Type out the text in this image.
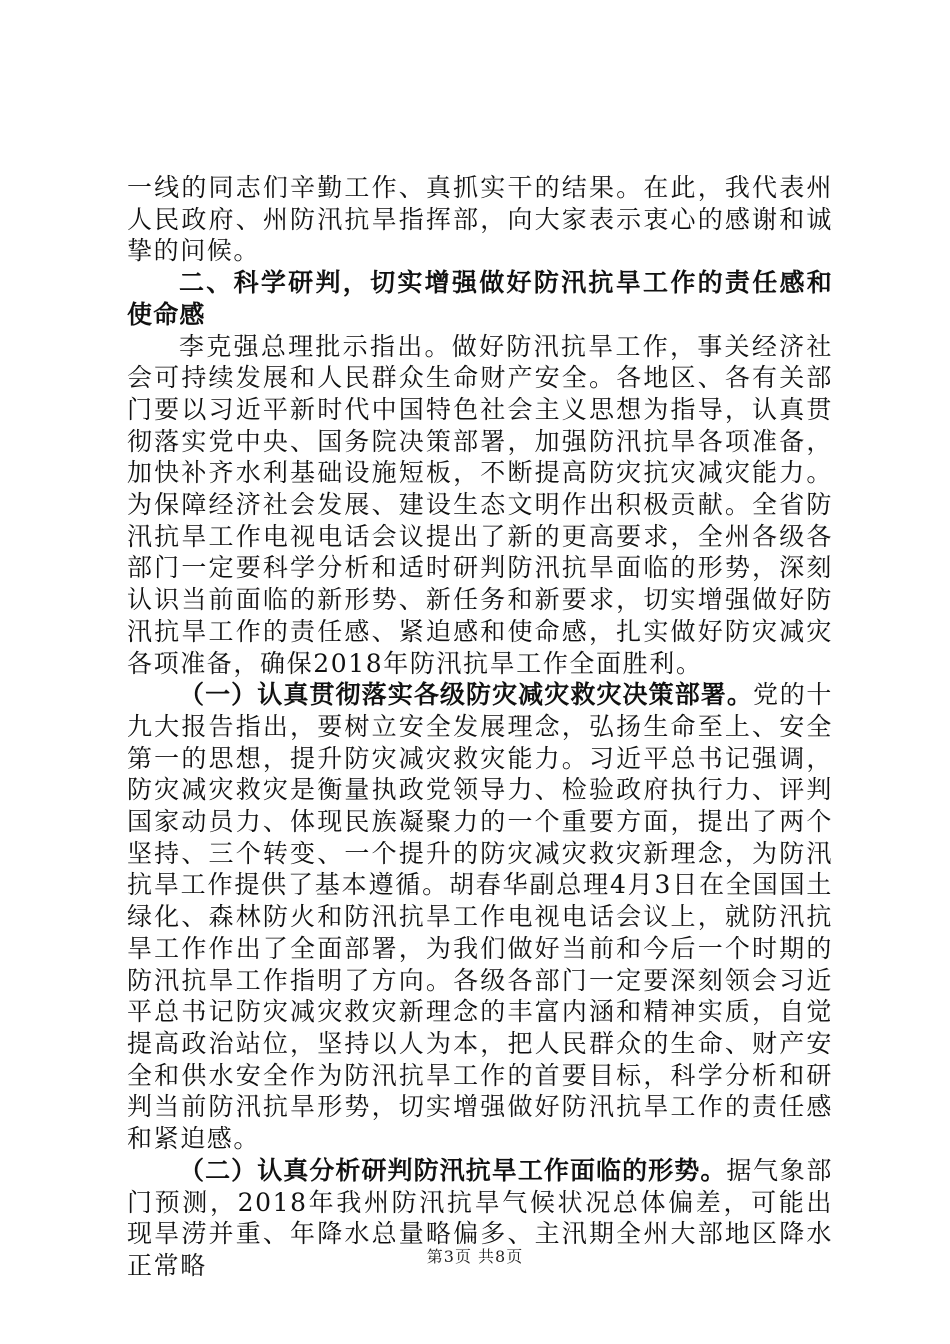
一线的同志们辛勤工作、真抓实干的结果。在此，我代表州人民政府、州防汛抗旱指挥部，向大家表示衷心的感谢和诚挚的问候。

二、科学研判，切实增强做好防汛抗旱工作的责任感和使命感

李克强总理批示指出。做好防汛抗旱工作，事关经济社会可持续发展和人民群众生命财产安全。各地区、各有关部门要以习近平新时代中国特色社会主义思想为指导，认真贯彻落实党中央、国务院决策部署，加强防汛抗旱各项准备，加快补齐水利基础设施短板，不断提高防灾抗灾减灾能力。为保障经济社会发展、建设生态文明作出积极贡献。全省防汛抗旱工作电视电话会议提出了新的更高要求，全州各级各部门一定要科学分析和适时研判防汛抗旱面临的形势，深刻认识当前面临的新形势、新任务和新要求，切实增强做好防汛抗旱工作的责任感、紧迫感和使命感，扎实做好防灾减灾各项准备，确保2018年防汛抗旱工作全面胜利。

（一）认真贯彻落实各级防灾减灾救灾决策部署。党的十九大报告指出，要树立安全发展理念，弘扬生命至上、安全第一的思想，提升防灾减灾救灾能力。习近平总书记强调，防灾减灾救灾是衡量执政党领导力、检验政府执行力、评判国家动员力、体现民族凝聚力的一个重要方面，提出了两个坚持、三个转变、一个提升的防灾减灾救灾新理念，为防汛抗旱工作提供了基本遵循。胡春华副总理4月3日在全国国土绿化、森林防火和防汛抗旱工作电视电话会议上，就防汛抗旱工作作出了全面部署，为我们做好当前和今后一个时期的防汛抗旱工作指明了方向。各级各部门一定要深刻领会习近平总书记防灾减灾救灾新理念的丰富内涵和精神实质，自觉提高政治站位，坚持以人为本，把人民群众的生命、财产安全和供水安全作为防汛抗旱工作的首要目标，科学分析和研判当前防汛抗旱形势，切实增强做好防汛抗旱工作的责任感和紧迫感。

（二）认真分析研判防汛抗旱工作面临的形势。据气象部门预测，2018年我州防汛抗旱气候状况总体偏差，可能出现旱涝并重、年降水总量略偏多、主汛期全州大部地区降水正常略	第3页 共8页
